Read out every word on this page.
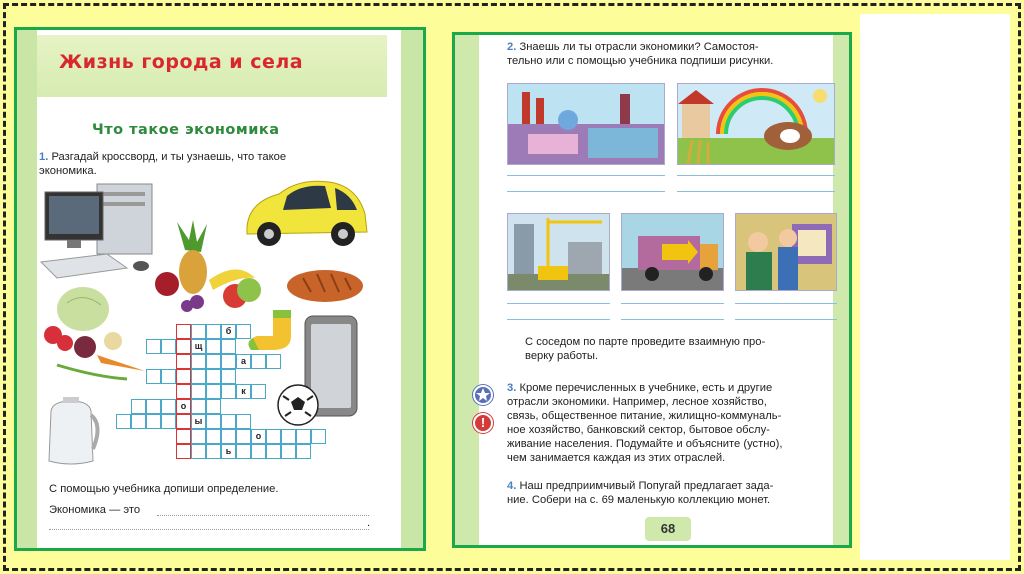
Жизнь города и села
Что такое экономика
1. Разгадай кроссворд, и ты узнаешь, что такое
экономика.
б
щ
а
к
о
ы
о
ь
С помощью учебника допиши определение.
Экономика — это
.
2. Знаешь ли ты отрасли экономики? Самостоя-
тельно или с помощью учебника подпиши рисунки.
С соседом по парте проведите взаимную про-
верку работы.
!
3. Кроме перечисленных в учебнике, есть и другие
отрасли экономики. Например, лесное хозяйство,
связь, общественное питание, жилищно-коммуналь-
ное хозяйство, банковский сектор, бытовое обслу-
живание населения. Подумайте и объясните (устно),
чем занимается каждая из этих отраслей.
4. Наш предприимчивый Попугай предлагает зада-
ние. Собери на с. 69 маленькую коллекцию монет.
68
